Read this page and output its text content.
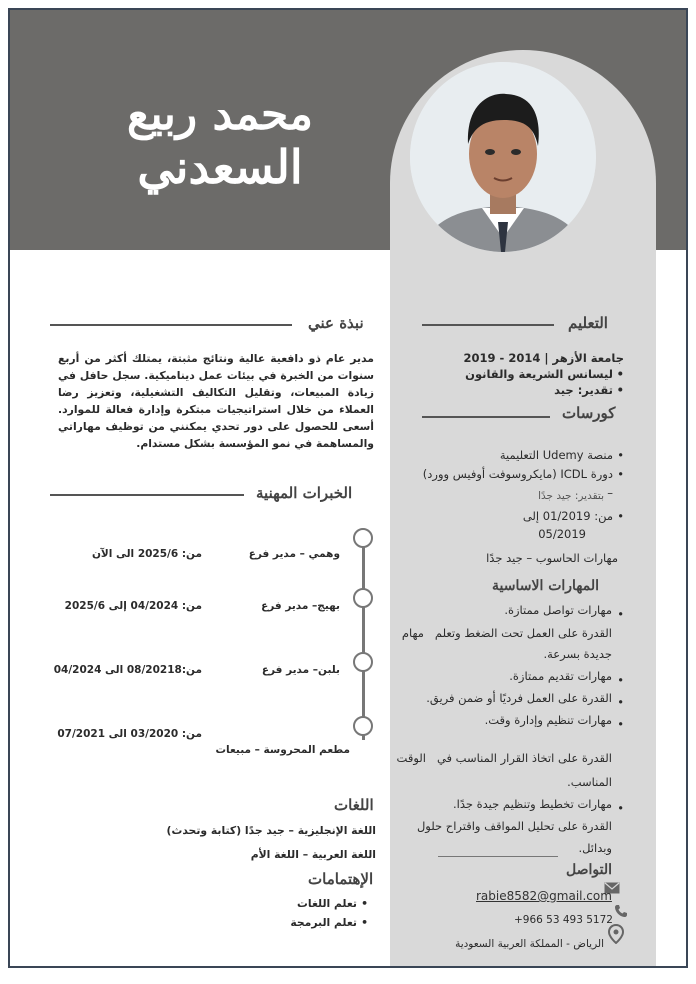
محمد ربيع
السعدني
نبذة عني
مدير عام ذو دافعية عالية ونتائج مثبتة، يمتلك أكثر من أربع سنوات من الخبرة في بيئات عمل ديناميكية. سجل حافل في زيادة المبيعات، وتقليل التكاليف التشغيلية، وتعزيز رضا العملاء من خلال استراتيجيات مبتكرة وإدارة فعالة للموارد. أسعى للحصول على دور تحدي يمكنني من توظيف مهاراتي والمساهمة في نمو المؤسسة بشكل مستدام.
الخبرات المهنية
وهمي – مدير فرع
من: 2025/6 الى الآن
بهيج– مدير فرع
من: 04/2024 إلى 2025/6
بلبن– مدير فرع
من:08/20218 الى 04/2024
من: 03/2020 الى 07/2021
مطعم المحروسة – مبيعات
اللغات
اللغة الإنجليزية – جيد جدًا (كتابة وتحدث)
اللغة العربية – اللغة الأم
الإهتمامات
• تعلم اللغات
• تعلم البرمجة
التعليم
جامعة الأزهر | 2014 - 2019
• ليسانس الشريعة والقانون
• تقدير: جيد
كورسات
• منصة Udemy التعليمية
• دورة ICDL (مايكروسوفت أوفيس وورد) –
بتقدير: جيد جدًا
• من: 01/2019 إلى
05/2019
مهارات الحاسوب – جيد جدًا
المهارات الاساسية
مهارات تواصل ممتازة. •
القدرة على العمل تحت الضغط وتعلم   مهام
جديدة بسرعة.
مهارات تقديم ممتازة. •
القدرة على العمل فرديًا أو ضمن فريق. •
مهارات تنظيم وإدارة وقت. •
القدرة على اتخاذ القرار المناسب في   الوقت
المناسب.
مهارات تخطيط وتنظيم جيدة جدًا. •
القدرة على تحليل المواقف واقتراح حلول
وبدائل.
التواصل
rabie8582@gmail.com
+966 53 493 5172
الرياض - المملكة العربية السعودية
